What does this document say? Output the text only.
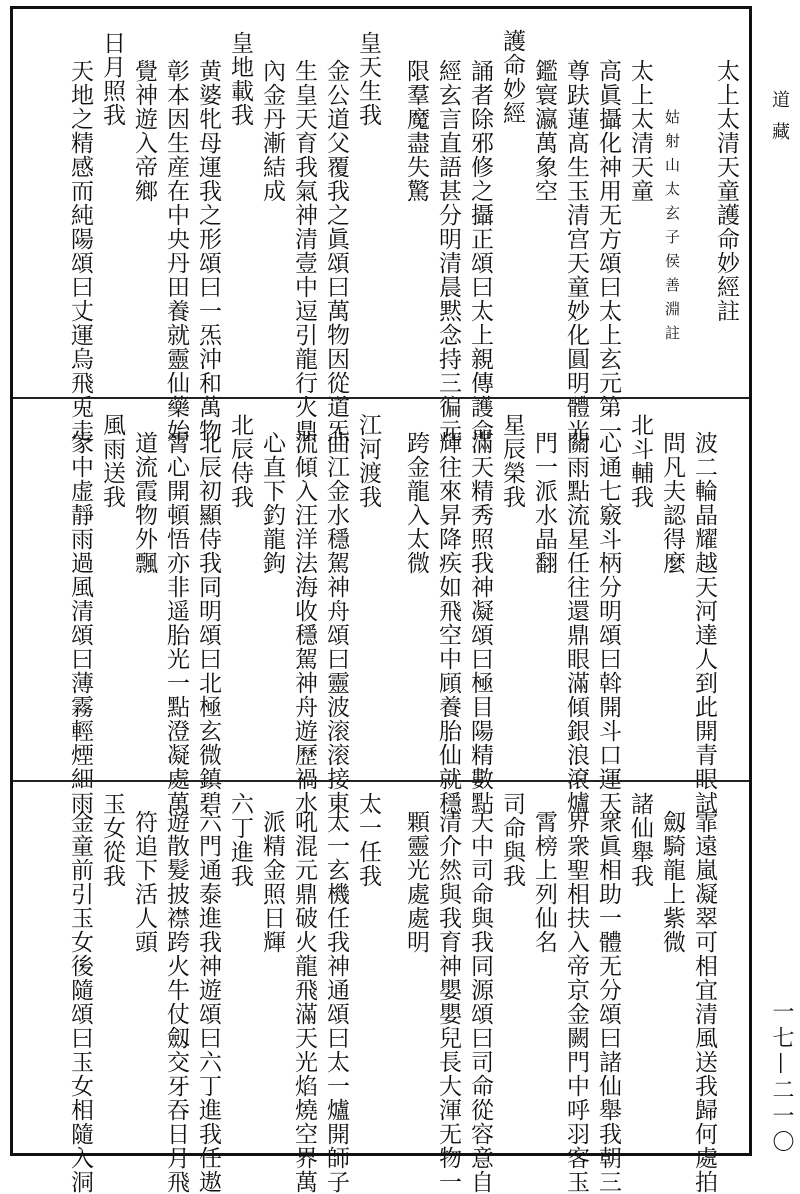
道藏
一七—二一〇
太上太清天童護命妙經註
姑射山太玄子侯善淵註
太上太清天童
高眞攝化神用无方頌曰太上玄元第一
尊趺蓮髙生玉清宫天童妙化圓明體光
鑑寰瀛萬象空
護命妙經
誦者除邪修之攝正頌曰太上親傳護命
經玄言直語甚分明清晨黙念持三徧元
限羣魔盡失驚
皇天生我
金公道父覆我之眞頌曰萬物因從道炁
生皇天育我氣神清壹中逗引龍行火鼎
內金丹漸結成
皇地載我
黄婆牝母運我之形頌曰一炁沖和萬物
彰本因生産在中央丹田養就靈仙藥始
覺神遊入帝鄉
日月照我
天地之精感而純陽頌曰丈運烏飛兎走
波二輪晶耀越天河達人到此開青眼試
問凡夫認得麼
北斗輔我
心通七竅斗柄分明頌曰斡開斗口運天
關雨點流星任往還鼎眼滿傾銀浪滾爐
門一派水晶翻
星辰榮我
滿天精秀照我神凝頌曰極目陽精數點
輝往來昇降疾如飛空中頋養胎仙就穩
跨金龍入太微
江河渡我
曲江金水穩駕神舟頌曰靈波滚滚接東
流傾入汪洋法海收穩駕神舟遊歷禍水
心直下釣龍鉤
北辰侍我
北辰初顯侍我同明頌曰北極玄微鎮碧
霄心開頓悟亦非遥胎光一點澄凝處萬
道流霞物外飄
風雨送我
家中虚靜雨過風清頌曰薄霧輕煙細雨
霏遠嵐凝翠可相宜清風送我歸何處拍
劔騎龍上紫微
諸仙舉我
衆眞相助一體无分頌曰諸仙舉我朝三
界衆聖相扶入帝京金闕門中呼羽客玉
霄榜上列仙名
司命與我
天中司命與我同源頌曰司命從容意自
清介然與我育神嬰嬰兒長大渾无物一
顆靈光處處明
太一任我
太一玄機任我神通頌曰太一爐開師子
吼混元鼎破火龍飛滿天光焰燒空界萬
派精金照日輝
六丁進我
六門通泰進我神遊頌曰六丁進我任遨
遊散髮披襟跨火牛仗劔交牙吞日月飛
符追下活人頭
玉女從我
金童前引玉女後隨頌曰玉女相隨入洞
